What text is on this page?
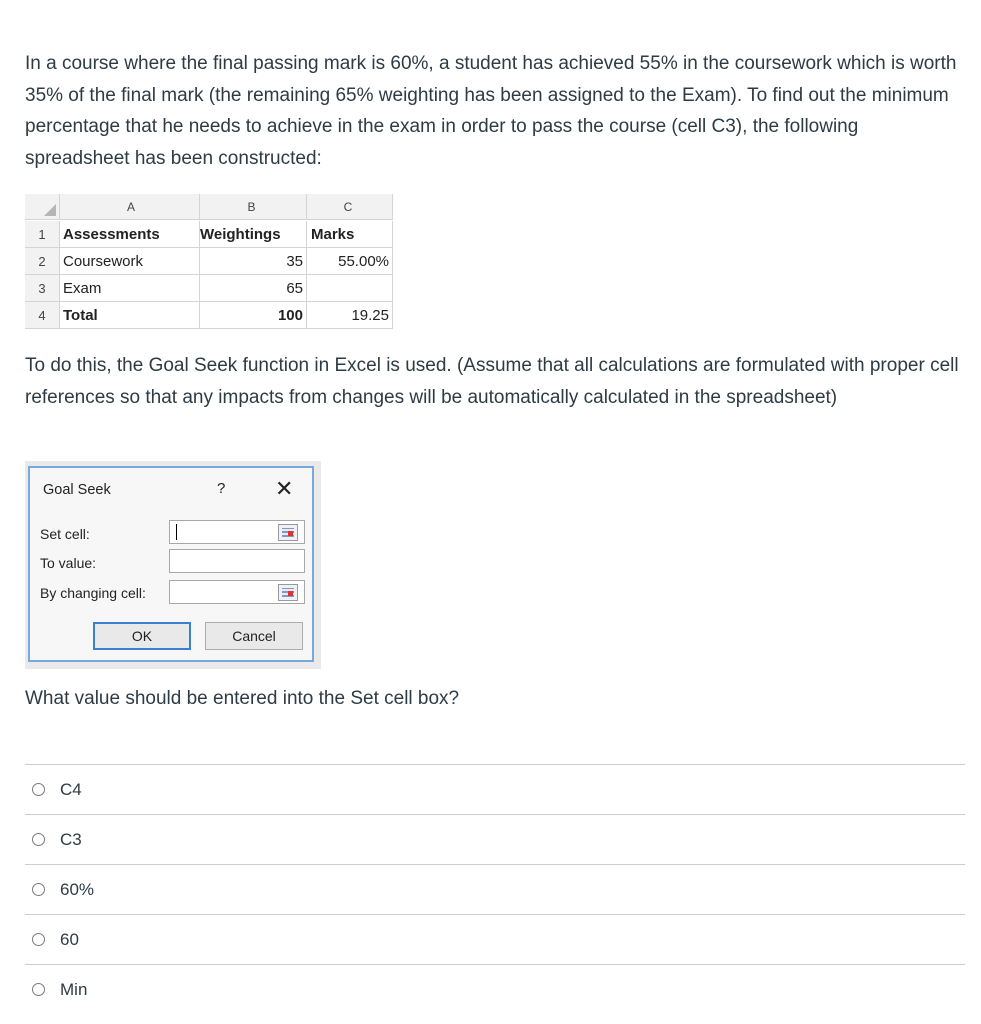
In a course where the final passing mark is 60%, a student has achieved 55% in the coursework which is worth 35% of the final mark (the remaining 65% weighting has been assigned to the Exam). To find out the minimum percentage that he needs to achieve in the exam in order to pass the course (cell C3), the following spreadsheet has been constructed:

A	B	C
1	Assessments	Weightings	Marks
2	Coursework	35	55.00%
3	Exam	65
4	Total	100	19.25

To do this, the Goal Seek function in Excel is used. (Assume that all calculations are formulated with proper cell references so that any impacts from changes will be automatically calculated in the spreadsheet)

Goal Seek	? ✕
Set cell:
To value:
By changing cell:
OK	Cancel

What value should be entered into the Set cell box?

C4
C3
60%
60
Min
